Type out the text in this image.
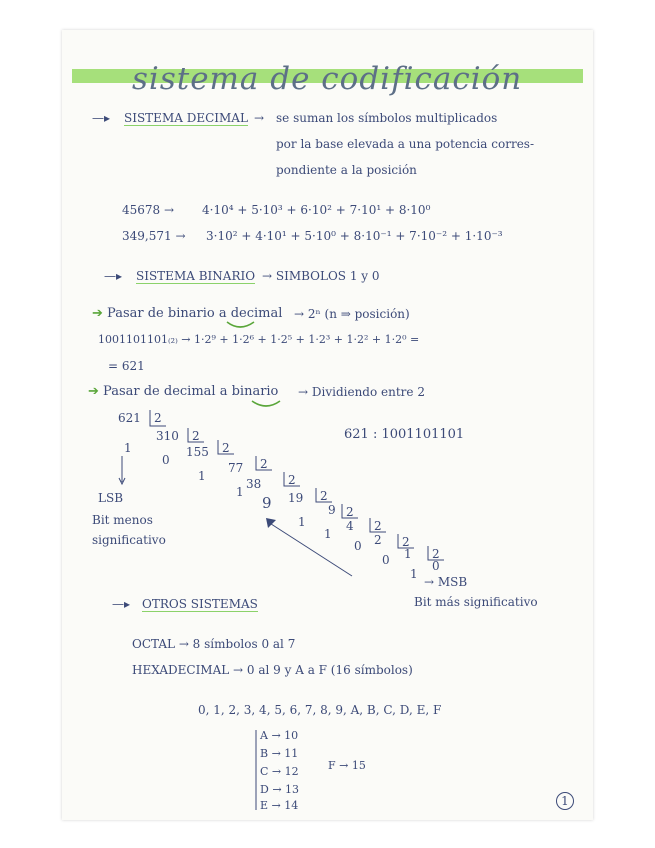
sistema de codificación
—▸ SISTEMA DECIMAL → se suman los símbolos multiplicados
por la base elevada a una potencia corres-
pondiente a la posición
45678 → 4·10⁴ + 5·10³ + 6·10² + 7·10¹ + 8·10⁰
349,571 → 3·10² + 4·10¹ + 5·10⁰ + 8·10⁻¹ + 7·10⁻² + 1·10⁻³
—▸ SISTEMA BINARIO → SIMBOLOS 1 y 0
➔ Pasar de binario a decimal → 2ⁿ (n ⇒ posición)
1001101101₍₂₎ → 1·2⁹ + 1·2⁶ + 1·2⁵ + 1·2³ + 1·2² + 1·2⁰ =
= 621
➔ Pasar de decimal a binario → Dividiendo entre 2
621 : 1001101101
621 2
310 2
155 2
77 2
38 2
19 2
9	9 2
4 2
2 2
1 2
0
1
0
1
1
1
1
0
0
1
LSB
Bit menos
significativo
→ MSB
Bit más significativo
—▸ OTROS SISTEMAS
OCTAL → 8 símbolos 0 al 7
HEXADECIMAL → 0 al 9 y A a F (16 símbolos)
0, 1, 2, 3, 4, 5, 6, 7, 8, 9, A, B, C, D, E, F
A → 10
B → 11
C → 12
D → 13
E → 14
F → 15
1
